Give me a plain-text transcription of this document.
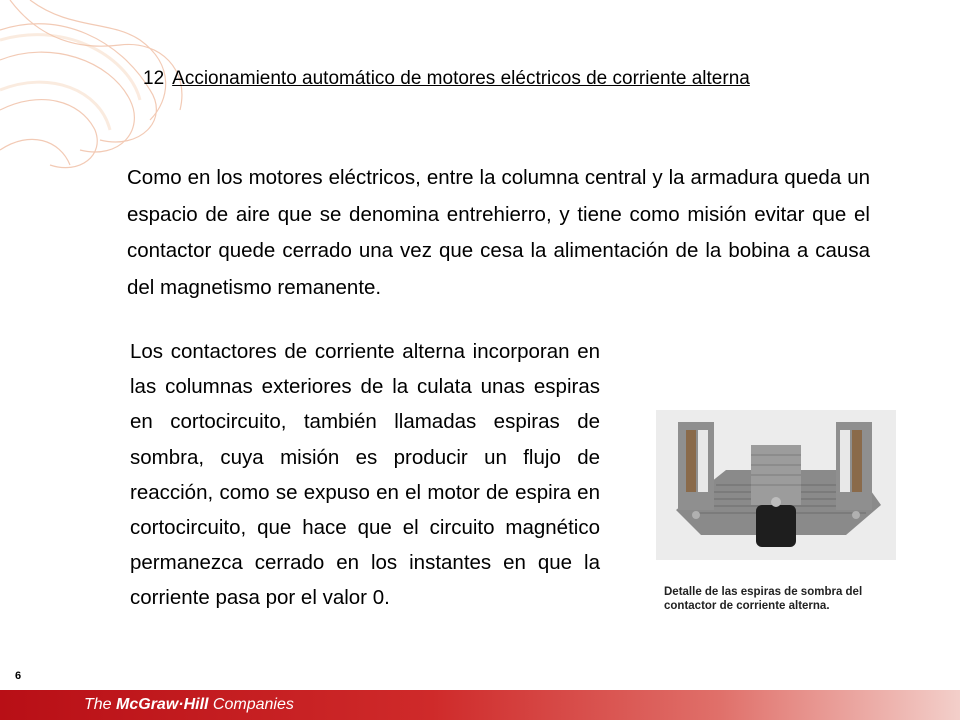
12 Accionamiento automático de motores eléctricos de corriente alterna
Como en los motores eléctricos, entre la columna central y la armadura queda un espacio de aire que se denomina entrehierro, y tiene como misión evitar que el contactor quede cerrado una vez que cesa la alimentación de la bobina a causa del magnetismo remanente.
Los contactores de corriente alterna incorporan en las columnas exteriores de la culata unas espiras en cortocircuito, también llamadas espiras de sombra, cuya misión es producir un flujo de reacción, como se expuso en el motor de espira en cortocircuito, que hace que el circuito magnético permanezca cerrado en los instantes en que la corriente pasa por el valor 0.	Detalle de las espiras de sombra del contactor de corriente alterna.
6
The McGraw·Hill Companies
